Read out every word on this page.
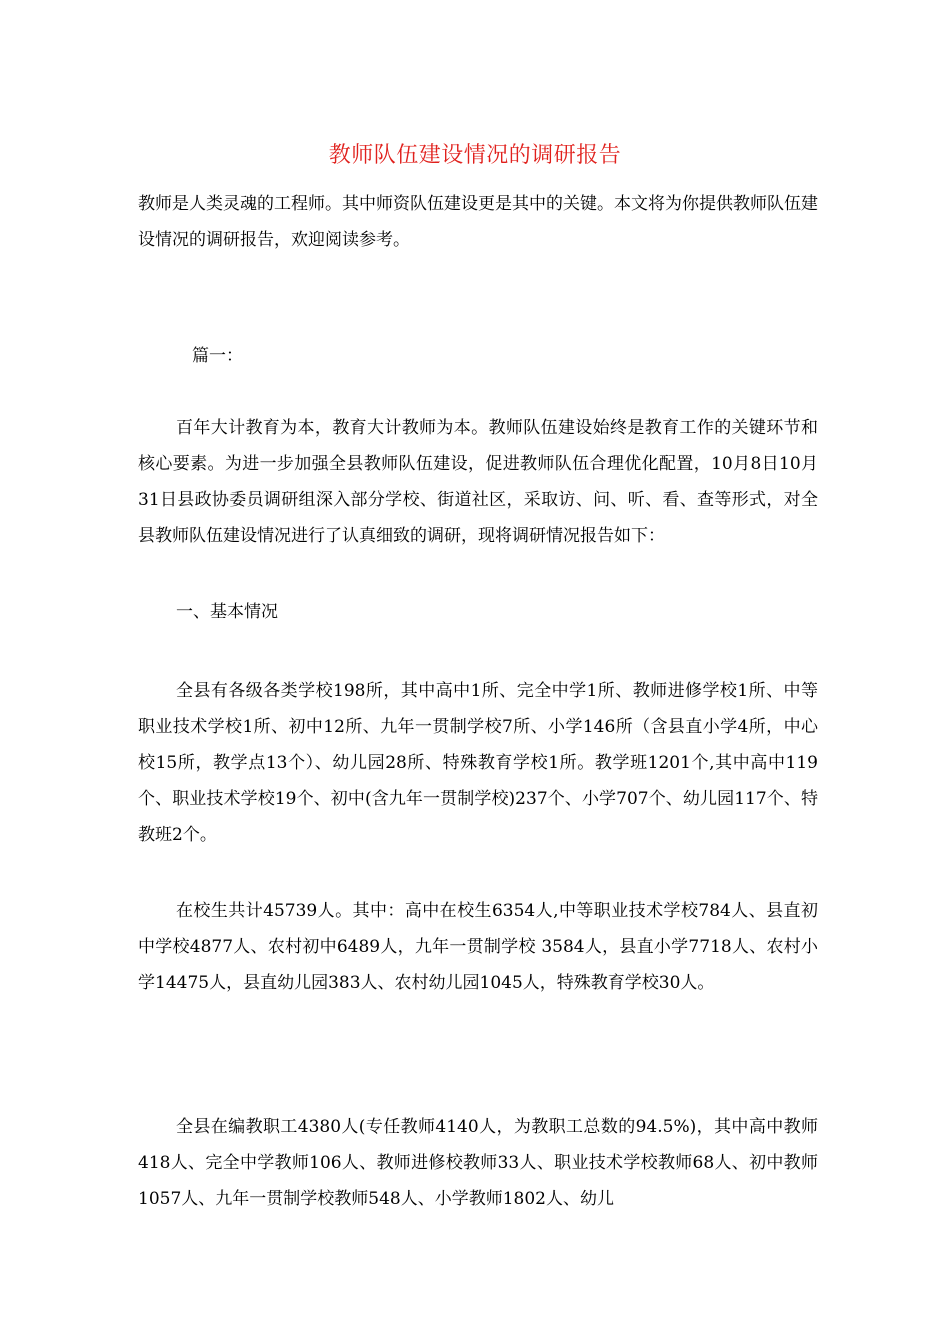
教师队伍建设情况的调研报告
教师是人类灵魂的工程师。其中师资队伍建设更是其中的关键。本文将为你提供教师队伍建设情况的调研报告，欢迎阅读参考。
篇一：

百年大计教育为本，教育大计教师为本。教师队伍建设始终是教育工作的关键环节和核心要素。为进一步加强全县教师队伍建设，促进教师队伍合理优化配置，10月8日10月31日县政协委员调研组深入部分学校、街道社区，采取访、问、听、看、查等形式，对全县教师队伍建设情况进行了认真细致的调研，现将调研情况报告如下：

一、基本情况

全县有各级各类学校198所，其中高中1所、完全中学1所、教师进修学校1所、中等职业技术学校1所、初中12所、九年一贯制学校7所、小学146所（含县直小学4所，中心校15所，教学点13个）、幼儿园28所、特殊教育学校1所。教学班1201个,其中高中119个、职业技术学校19个、初中(含九年一贯制学校)237个、小学707个、幼儿园117个、特教班2个。

在校生共计45739人。其中：高中在校生6354人,中等职业技术学校784人、县直初中学校4877人、农村初中6489人，九年一贯制学校 3584人，县直小学7718人、农村小学14475人，县直幼儿园383人、农村幼儿园1045人，特殊教育学校30人。

全县在编教职工4380人(专任教师4140人，为教职工总数的94.5%)，其中高中教师418人、完全中学教师106人、教师进修校教师33人、职业技术学校教师68人、初中教师1057人、九年一贯制学校教师548人、小学教师1802人、幼儿
